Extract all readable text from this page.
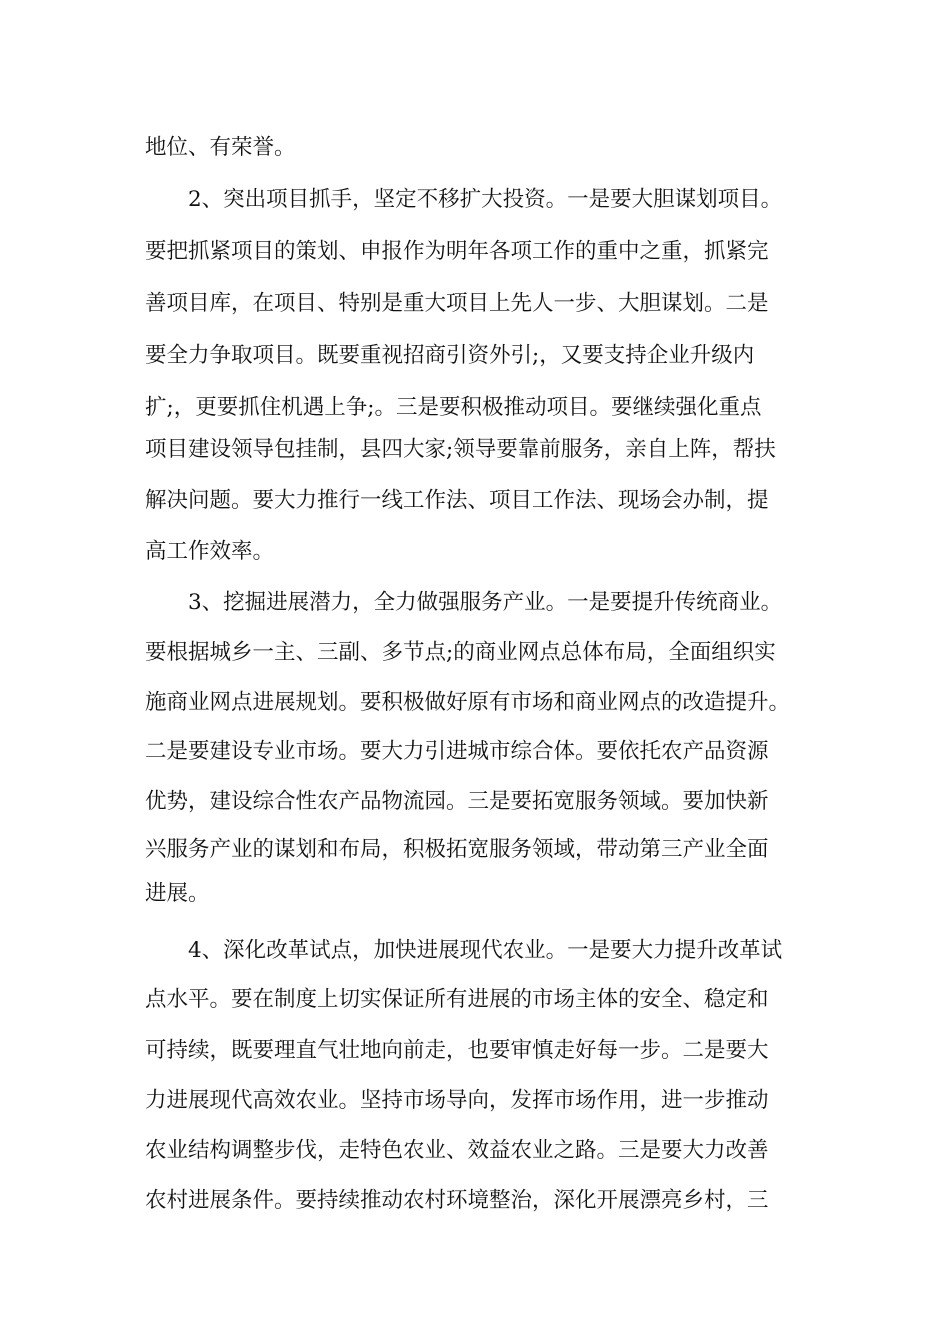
地位、有荣誉。
2、突出项目抓手，坚定不移扩大投资。一是要大胆谋划项目。
要把抓紧项目的策划、申报作为明年各项工作的重中之重，抓紧完
善项目库，在项目、特别是重大项目上先人一步、大胆谋划。二是
要全力争取项目。既要重视招商引资外引;，又要支持企业升级内
扩;，更要抓住机遇上争;。三是要积极推动项目。要继续强化重点
项目建设领导包挂制，县四大家;领导要靠前服务，亲自上阵，帮扶
解决问题。要大力推行一线工作法、项目工作法、现场会办制，提
高工作效率。
3、挖掘进展潜力，全力做强服务产业。一是要提升传统商业。
要根据城乡一主、三副、多节点;的商业网点总体布局，全面组织实
施商业网点进展规划。要积极做好原有市场和商业网点的改造提升。
二是要建设专业市场。要大力引进城市综合体。要依托农产品资源
优势，建设综合性农产品物流园。三是要拓宽服务领域。要加快新
兴服务产业的谋划和布局，积极拓宽服务领域，带动第三产业全面
进展。
4、深化改革试点，加快进展现代农业。一是要大力提升改革试
点水平。要在制度上切实保证所有进展的市场主体的安全、稳定和
可持续，既要理直气壮地向前走，也要审慎走好每一步。二是要大
力进展现代高效农业。坚持市场导向，发挥市场作用，进一步推动
农业结构调整步伐，走特色农业、效益农业之路。三是要大力改善
农村进展条件。要持续推动农村环境整治，深化开展漂亮乡村，三
